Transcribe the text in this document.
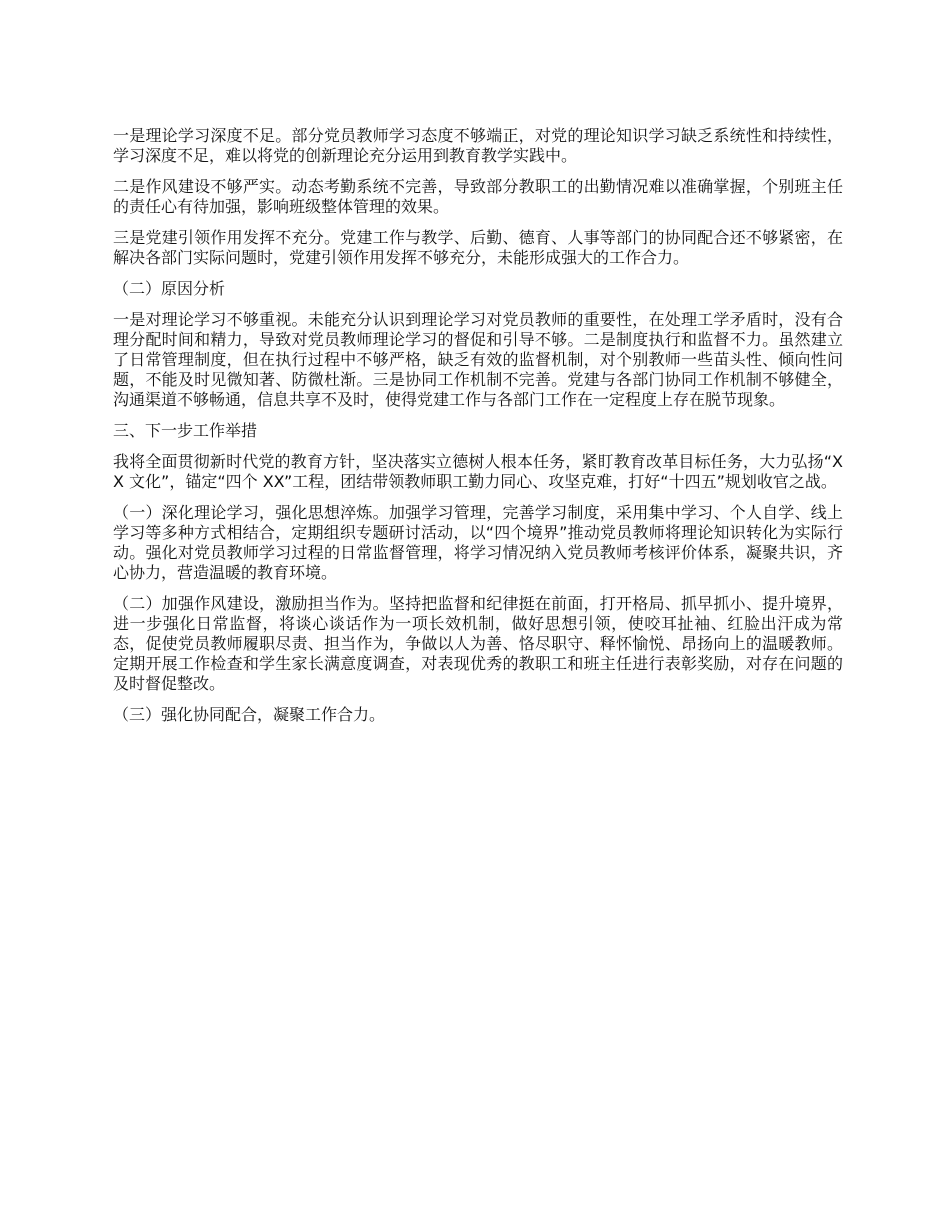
一是理论学习深度不足。部分党员教师学习态度不够端正，对党的理论知识学习缺乏系统性和持续性，学习深度不足，难以将党的创新理论充分运用到教育教学实践中。

二是作风建设不够严实。动态考勤系统不完善，导致部分教职工的出勤情况难以准确掌握，个别班主任的责任心有待加强，影响班级整体管理的效果。

三是党建引领作用发挥不充分。党建工作与教学、后勤、德育、人事等部门的协同配合还不够紧密，在解决各部门实际问题时，党建引领作用发挥不够充分，未能形成强大的工作合力。

（二）原因分析

一是对理论学习不够重视。未能充分认识到理论学习对党员教师的重要性，在处理工学矛盾时，没有合理分配时间和精力，导致对党员教师理论学习的督促和引导不够。二是制度执行和监督不力。虽然建立了日常管理制度，但在执行过程中不够严格，缺乏有效的监督机制，对个别教师一些苗头性、倾向性问题，不能及时见微知著、防微杜渐。三是协同工作机制不完善。党建与各部门协同工作机制不够健全，沟通渠道不够畅通，信息共享不及时，使得党建工作与各部门工作在一定程度上存在脱节现象。

三、下一步工作举措

我将全面贯彻新时代党的教育方针，坚决落实立德树人根本任务，紧盯教育改革目标任务，大力弘扬“XX 文化”，锚定“四个 XX”工程，团结带领教师职工勤力同心、攻坚克难，打好“十四五”规划收官之战。

（一）深化理论学习，强化思想淬炼。加强学习管理，完善学习制度，采用集中学习、个人自学、线上学习等多种方式相结合，定期组织专题研讨活动，以“四个境界”推动党员教师将理论知识转化为实际行动。强化对党员教师学习过程的日常监督管理，将学习情况纳入党员教师考核评价体系，凝聚共识，齐心协力，营造温暖的教育环境。

（二）加强作风建设，激励担当作为。坚持把监督和纪律挺在前面，打开格局、抓早抓小、提升境界，进一步强化日常监督，将谈心谈话作为一项长效机制，做好思想引领，使咬耳扯袖、红脸出汗成为常态，促使党员教师履职尽责、担当作为，争做以人为善、恪尽职守、释怀愉悦、昂扬向上的温暖教师。定期开展工作检查和学生家长满意度调查，对表现优秀的教职工和班主任进行表彰奖励，对存在问题的及时督促整改。

（三）强化协同配合，凝聚工作合力。
